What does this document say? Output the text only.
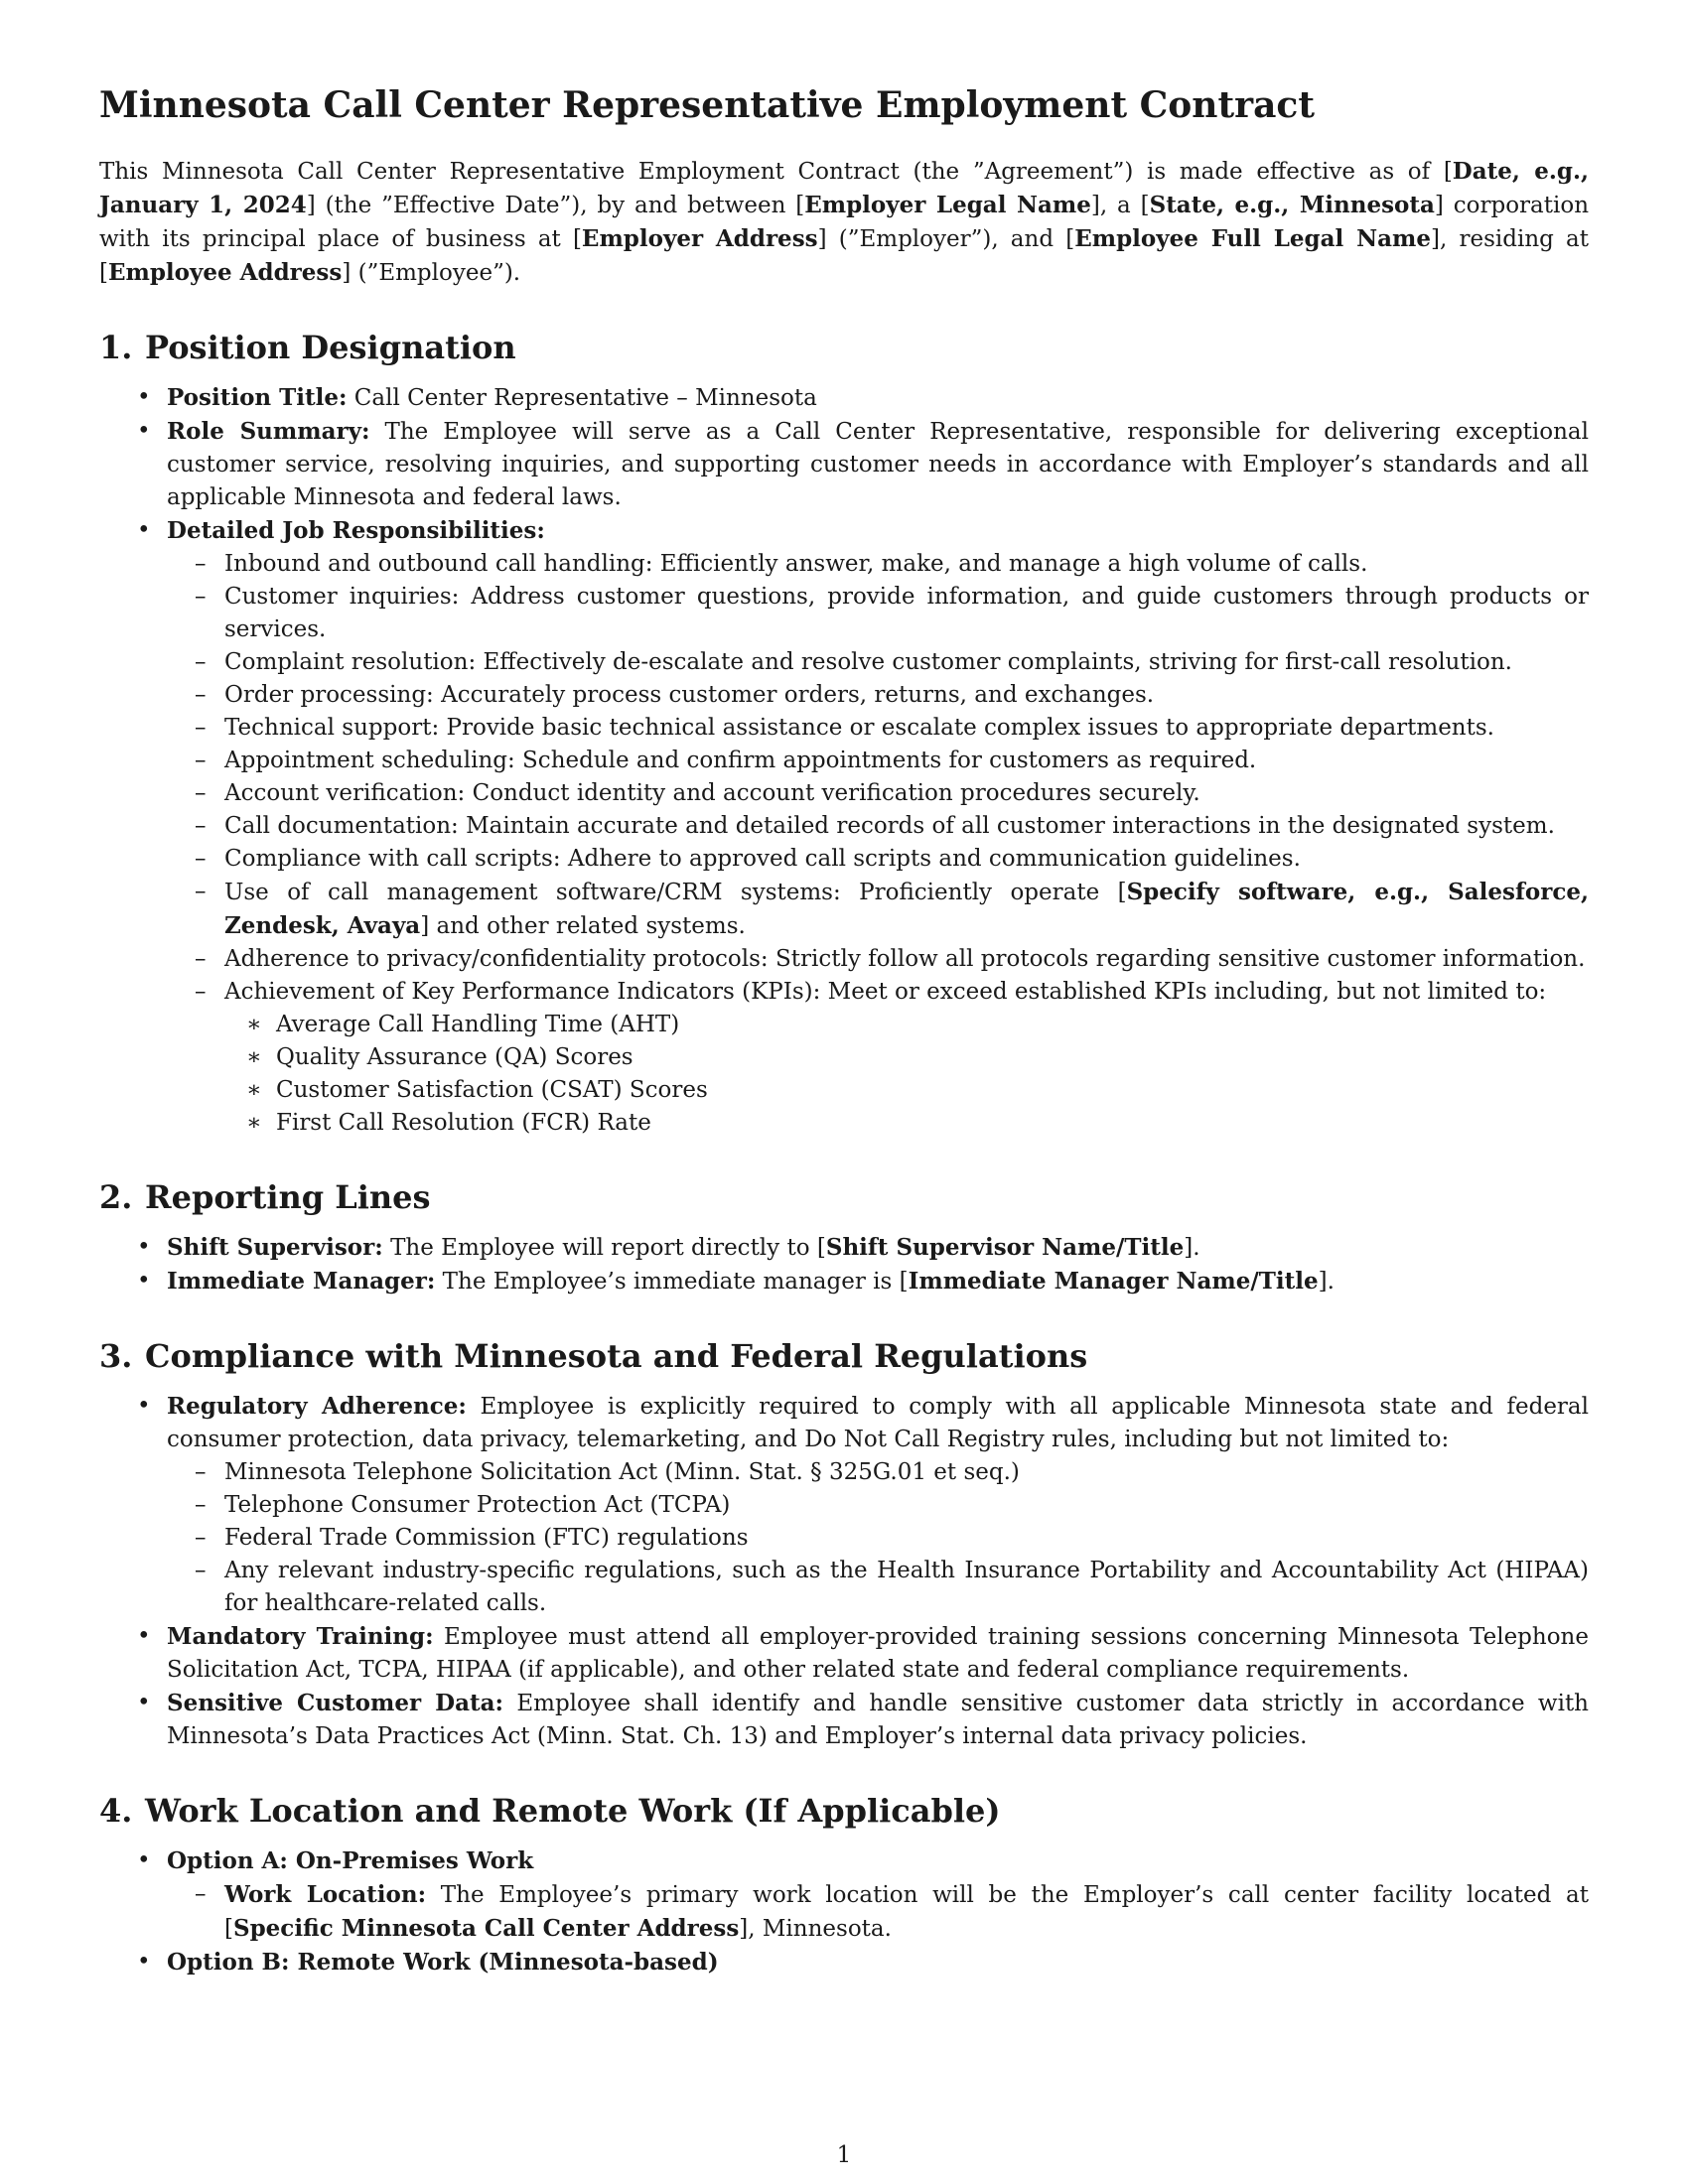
Minnesota Call Center Representative Employment Contract

This Minnesota Call Center Representative Employment Contract (the ”Agreement”) is made effective as of [Date, e.g., January 1, 2024] (the ”Effective Date”), by and between [Employer Legal Name], a [State, e.g., Minnesota] corporation with its principal place of business at [Employer Address] (”Employer”), and [Employee Full Legal Name], residing at [Employee Address] (”Employee”).

1. Position Designation
• Position Title: Call Center Representative – Minnesota
• Role Summary: The Employee will serve as a Call Center Representative, responsible for delivering exceptional customer service, resolving inquiries, and supporting customer needs in accordance with Employer’s standards and all applicable Minnesota and federal laws.
• Detailed Job Responsibilities:
– Inbound and outbound call handling: Efficiently answer, make, and manage a high volume of calls.
– Customer inquiries: Address customer questions, provide information, and guide customers through products or services.
– Complaint resolution: Effectively de-escalate and resolve customer complaints, striving for first-call resolution.
– Order processing: Accurately process customer orders, returns, and exchanges.
– Technical support: Provide basic technical assistance or escalate complex issues to appropriate departments.
– Appointment scheduling: Schedule and confirm appointments for customers as required.
– Account verification: Conduct identity and account verification procedures securely.
– Call documentation: Maintain accurate and detailed records of all customer interactions in the designated system.
– Compliance with call scripts: Adhere to approved call scripts and communication guidelines.
– Use of call management software/CRM systems: Proficiently operate [Specify software, e.g., Salesforce, Zendesk, Avaya] and other related systems.
– Adherence to privacy/confidentiality protocols: Strictly follow all protocols regarding sensitive customer information.
– Achievement of Key Performance Indicators (KPIs): Meet or exceed established KPIs including, but not limited to:
∗ Average Call Handling Time (AHT)
∗ Quality Assurance (QA) Scores
∗ Customer Satisfaction (CSAT) Scores
∗ First Call Resolution (FCR) Rate
2. Reporting Lines
• Shift Supervisor: The Employee will report directly to [Shift Supervisor Name/Title].
• Immediate Manager: The Employee’s immediate manager is [Immediate Manager Name/Title].
3. Compliance with Minnesota and Federal Regulations
• Regulatory Adherence: Employee is explicitly required to comply with all applicable Minnesota state and federal consumer protection, data privacy, telemarketing, and Do Not Call Registry rules, including but not limited to:
– Minnesota Telephone Solicitation Act (Minn. Stat. § 325G.01 et seq.)
– Telephone Consumer Protection Act (TCPA)
– Federal Trade Commission (FTC) regulations
– Any relevant industry-specific regulations, such as the Health Insurance Portability and Accountability Act (HIPAA) for healthcare-related calls.
• Mandatory Training: Employee must attend all employer-provided training sessions concerning Minnesota Telephone Solicitation Act, TCPA, HIPAA (if applicable), and other related state and federal compliance requirements.
• Sensitive Customer Data: Employee shall identify and handle sensitive customer data strictly in accordance with Minnesota’s Data Practices Act (Minn. Stat. Ch. 13) and Employer’s internal data privacy policies.
4. Work Location and Remote Work (If Applicable)
• Option A: On-Premises Work
– Work Location: The Employee’s primary work location will be the Employer’s call center facility located at [Specific Minnesota Call Center Address], Minnesota.
• Option B: Remote Work (Minnesota-based)
1
